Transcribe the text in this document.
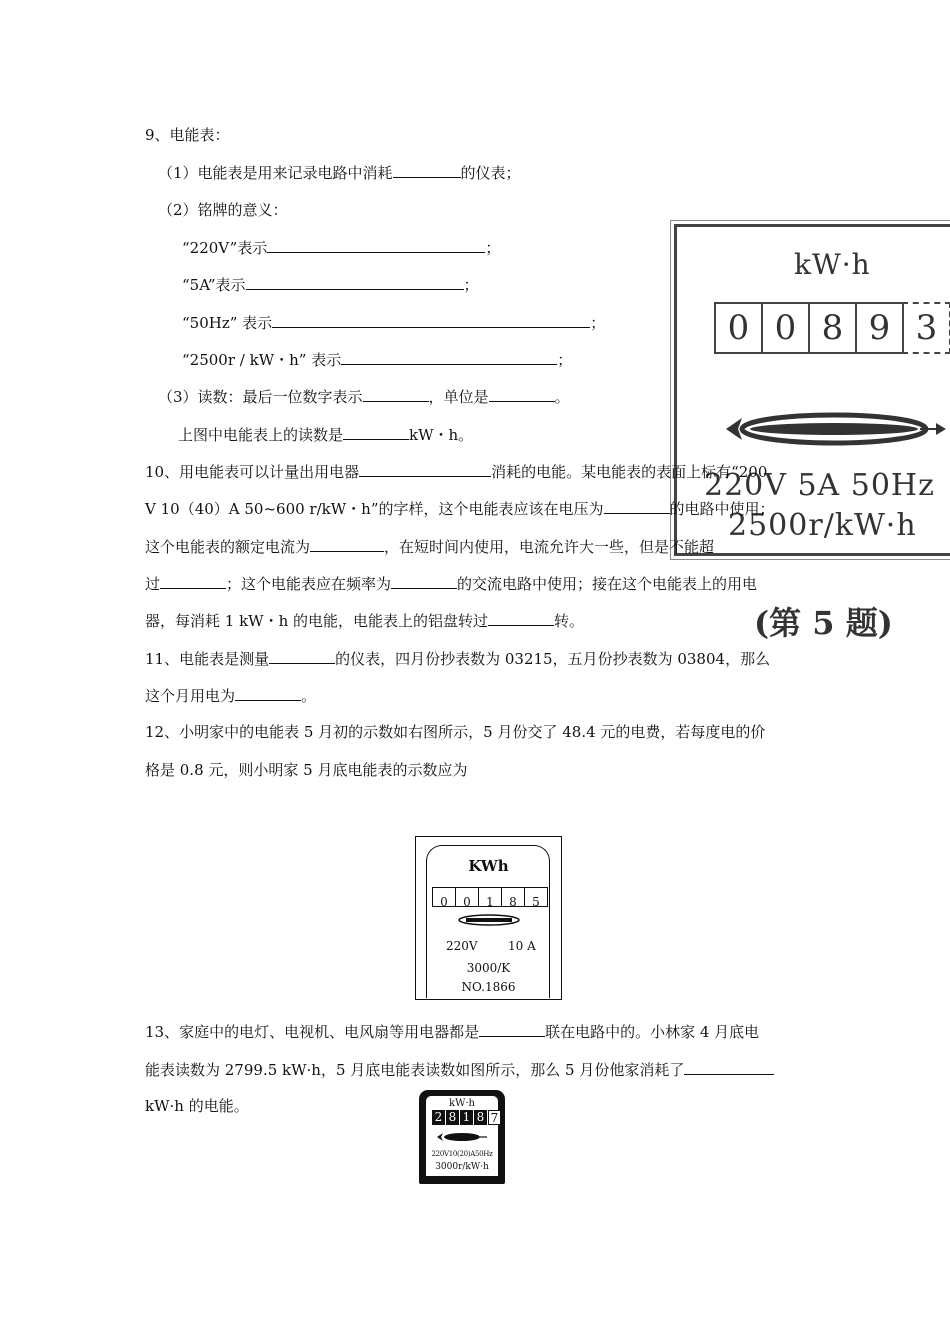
kW·h
0 0 8 9 3
220V 5A 50Hz
2500r/kW·h
(第 5 题)
9、电能表：
（1）电能表是用来记录电路中消耗	的仪表；
（2）铭牌的意义：
“220V”表示	；
“5A”表示	；
“50Hz” 表示	；
“2500r / kW・h” 表示	；
（3）读数：最后一位数字表示	，单位是	。
上图中电能表上的读数是	kW・h。
10、用电能表可以计量出用电器	消耗的电能。某电能表的表面上标有“200
V 10（40）A 50~600 r/kW・h”的字样，这个电能表应该在电压为	的电路中使用；
这个电能表的额定电流为	，在短时间内使用，电流允许大一些，但是不能超
过	；这个电能表应在频率为	的交流电路中使用；接在这个电能表上的用电
器，每消耗 1 kW・h 的电能，电能表上的铝盘转过	转。
11、电能表是测量	的仪表，四月份抄表数为 03215，五月份抄表数为 03804，那么
这个月用电为	。
12、小明家中的电能表 5 月初的示数如右图所示，5 月份交了 48.4 元的电费，若每度电的价
格是 0.8 元，则小明家 5 月底电能表的示数应为
KWh
0	0	1	8	5
220V	10 A
3000/K
NO.1866
13、家庭中的电灯、电视机、电风扇等用电器都是	联在电路中的。小林家 4 月底电
能表读数为 2799.5 kW·h，5 月底电能表读数如图所示，那么 5 月份他家消耗了
kW·h 的电能。	kW·h
2 8 1 8 7
220V10(20)A50Hz
3000r/kW·h
